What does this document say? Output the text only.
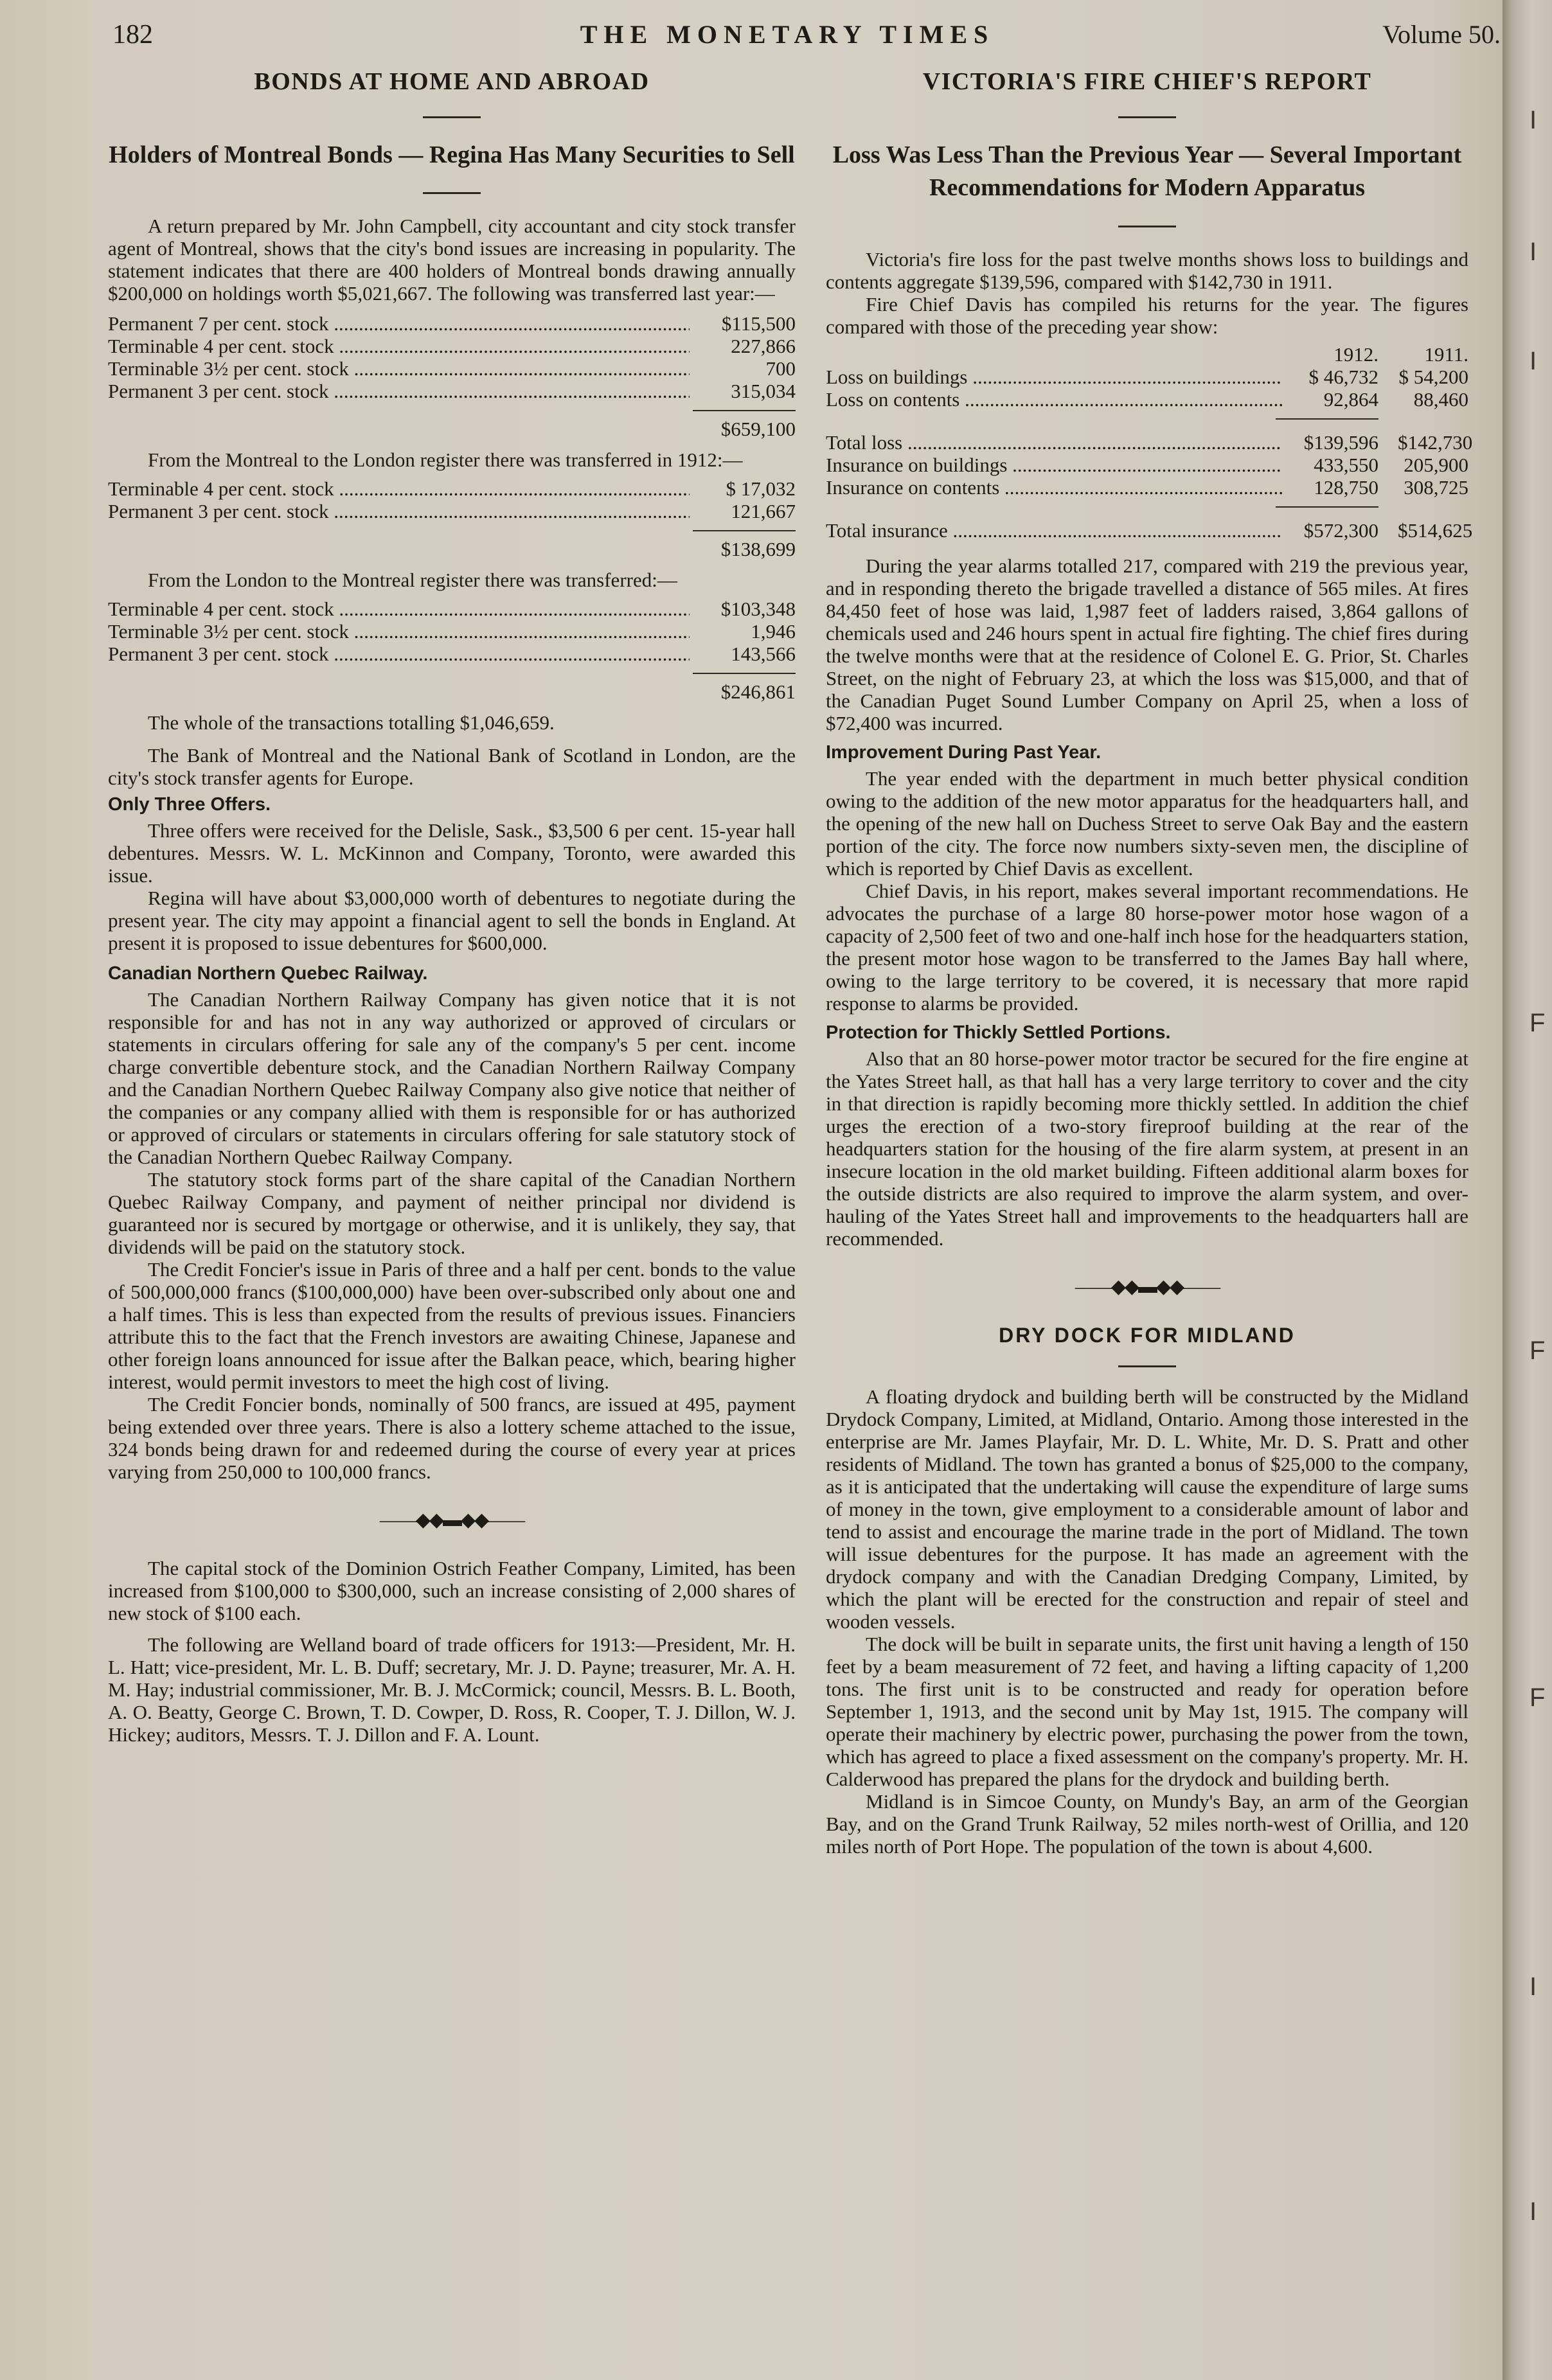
182	THE MONETARY TIMES	Volume 50.
BONDS AT HOME AND ABROAD
Holders of Montreal Bonds — Regina Has Many Securities to Sell

A return prepared by Mr. John Campbell, city accountant and city stock transfer agent of Montreal, shows that the city's bond issues are increasing in popularity. The statement indicates that there are 400 holders of Montreal bonds drawing annually $200,000 on holdings worth $5,021,667. The following was transferred last year:—

Permanent 7 per cent. stock .....	$115,500
Terminable 4 per cent. stock .....	227,866
Terminable 3½ per cent. stock .....	700
Permanent 3 per cent. stock .....	315,034
$659,100

From the Montreal to the London register there was transferred in 1912:—

Terminable 4 per cent. stock .....	$ 17,032
Permanent 3 per cent. stock .....	121,667
$138,699

From the London to the Montreal register there was transferred:—

Terminable 4 per cent. stock .....	$103,348
Terminable 3½ per cent. stock .....	1,946
Permanent 3 per cent. stock .....	143,566
$246,861

The whole of the transactions totalling $1,046,659.

The Bank of Montreal and the National Bank of Scotland in London, are the city's stock transfer agents for Europe.

Only Three Offers.

Three offers were received for the Delisle, Sask., $3,500 6 per cent. 15-year hall debentures. Messrs. W. L. McKinnon and Company, Toronto, were awarded this issue.

Regina will have about $3,000,000 worth of debentures to negotiate during the present year. The city may appoint a financial agent to sell the bonds in England. At present it is proposed to issue debentures for $600,000.

Canadian Northern Quebec Railway.

The Canadian Northern Railway Company has given notice that it is not responsible for and has not in any way authorized or approved of circulars or statements in circulars offering for sale any of the company's 5 per cent. income charge convertible debenture stock, and the Canadian Northern Railway Company and the Canadian Northern Quebec Railway Company also give notice that neither of the companies or any company allied with them is responsible for or has authorized or approved of circulars or statements in circulars offering for sale statutory stock of the Canadian Northern Quebec Railway Company.

The statutory stock forms part of the share capital of the Canadian Northern Quebec Railway Company, and payment of neither principal nor dividend is guaranteed nor is secured by mortgage or otherwise, and it is unlikely, they say, that dividends will be paid on the statutory stock.

The Credit Foncier's issue in Paris of three and a half per cent. bonds to the value of 500,000,000 francs ($100,000,000) have been over-subscribed only about one and a half times. This is less than expected from the results of previous issues. Financiers attribute this to the fact that the French investors are awaiting Chinese, Japanese and other foreign loans announced for issue after the Balkan peace, which, bearing higher interest, would permit investors to meet the high cost of living.

The Credit Foncier bonds, nominally of 500 francs, are issued at 495, payment being extended over three years. There is also a lottery scheme attached to the issue, 324 bonds being drawn for and redeemed during the course of every year at prices varying from 250,000 to 100,000 francs.

——◆◆▬◆◆——

The capital stock of the Dominion Ostrich Feather Company, Limited, has been increased from $100,000 to $300,000, such an increase consisting of 2,000 shares of new stock of $100 each.

The following are Welland board of trade officers for 1913:—President, Mr. H. L. Hatt; vice-president, Mr. L. B. Duff; secretary, Mr. J. D. Payne; treasurer, Mr. A. H. M. Hay; industrial commissioner, Mr. B. J. McCormick; council, Messrs. B. L. Booth, A. O. Beatty, George C. Brown, T. D. Cowper, D. Ross, R. Cooper, T. J. Dillon, W. J. Hickey; auditors, Messrs. T. J. Dillon and F. A. Lount.

VICTORIA'S FIRE CHIEF'S REPORT
Loss Was Less Than the Previous Year — Several Important Recommendations for Modern Apparatus

Victoria's fire loss for the past twelve months shows loss to buildings and contents aggregate $139,596, compared with $142,730 in 1911.

Fire Chief Davis has compiled his returns for the year. The figures compared with those of the preceding year show:

1912.	1911.
Loss on buildings .....	$ 46,732 $ 54,200
Loss on contents .....	92,864	88,460
Total loss .....	$139,596 $142,730
Insurance on buildings .....	433,550 205,900
Insurance on contents .....	128,750 308,725
Total insurance .....	$572,300 $514,625

During the year alarms totalled 217, compared with 219 the previous year, and in responding thereto the brigade travelled a distance of 565 miles. At fires 84,450 feet of hose was laid, 1,987 feet of ladders raised, 3,864 gallons of chemicals used and 246 hours spent in actual fire fighting. The chief fires during the twelve months were that at the residence of Colonel E. G. Prior, St. Charles Street, on the night of February 23, at which the loss was $15,000, and that of the Canadian Puget Sound Lumber Company on April 25, when a loss of $72,400 was incurred.

Improvement During Past Year.

The year ended with the department in much better physical condition owing to the addition of the new motor apparatus for the headquarters hall, and the opening of the new hall on Duchess Street to serve Oak Bay and the eastern portion of the city. The force now numbers sixty-seven men, the discipline of which is reported by Chief Davis as excellent.

Chief Davis, in his report, makes several important recommendations. He advocates the purchase of a large 80 horse-power motor hose wagon of a capacity of 2,500 feet of two and one-half inch hose for the headquarters station, the present motor hose wagon to be transferred to the James Bay hall where, owing to the large territory to be covered, it is necessary that more rapid response to alarms be provided.

Protection for Thickly Settled Portions.

Also that an 80 horse-power motor tractor be secured for the fire engine at the Yates Street hall, as that hall has a very large territory to cover and the city in that direction is rapidly becoming more thickly settled. In addition the chief urges the erection of a two-story fireproof building at the rear of the headquarters station for the housing of the fire alarm system, at present in an insecure location in the old market building. Fifteen additional alarm boxes for the outside districts are also required to improve the alarm system, and over-hauling of the Yates Street hall and improvements to the headquarters hall are recommended.

——◆◆▬◆◆——
DRY DOCK FOR MIDLAND

A floating drydock and building berth will be constructed by the Midland Drydock Company, Limited, at Midland, Ontario. Among those interested in the enterprise are Mr. James Playfair, Mr. D. L. White, Mr. D. S. Pratt and other residents of Midland. The town has granted a bonus of $25,000 to the company, as it is anticipated that the undertaking will cause the expenditure of large sums of money in the town, give employment to a considerable amount of labor and tend to assist and encourage the marine trade in the port of Midland. The town will issue debentures for the purpose. It has made an agreement with the drydock company and with the Canadian Dredging Company, Limited, by which the plant will be erected for the construction and repair of steel and wooden vessels.

The dock will be built in separate units, the first unit having a length of 150 feet by a beam measurement of 72 feet, and having a lifting capacity of 1,200 tons. The first unit is to be constructed and ready for operation before September 1, 1913, and the second unit by May 1st, 1915. The company will operate their machinery by electric power, purchasing the power from the town, which has agreed to place a fixed assessment on the company's property. Mr. H. Calderwood has prepared the plans for the drydock and building berth.

Midland is in Simcoe County, on Mundy's Bay, an arm of the Georgian Bay, and on the Grand Trunk Railway, 52 miles north-west of Orillia, and 120 miles north of Port Hope. The population of the town is about 4,600.

I
I
I
F
F
F
I
I
